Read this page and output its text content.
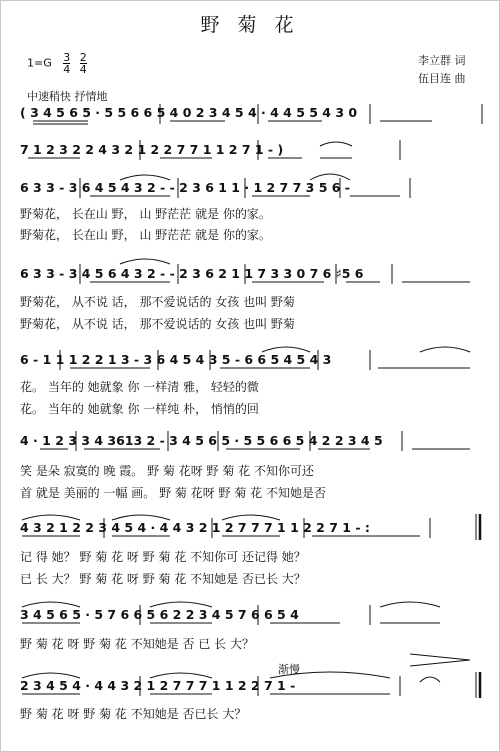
野 菊 花
$1=G \frac{3}{4}$
$\frac{2}{4}$	李立群 词
伍目连 曲
中速稍快 抒情地
( 3 4 5 6 5 · 5 5 6 6 5 4 0 2 3 4 5 4 · 4 4 5 5 4 3 0
7 1 2 3 2 2 4 3 2 1 2 2 7 7 1 1 2 7 1 - )
6 3 3 - 3 6 4 5 4 3 2 - - 2 3 6 1 1 · 1 2 7 7 3 5 6 -
野菊花， 长在山 野， 山 野茫茫 就是 你的家。
野菊花， 长在山 野， 山 野茫茫 就是 你的家。
6 3 3 - 3 4 5 6 4 3 2 - - 2 3 6 2 1 1 7 3 3 0 7 6 ♯5 6
野菊花， 从不说 话， 那不爱说话的 女孩 也叫 野菊
野菊花， 从不说 话， 那不爱说话的 女孩 也叫 野菊
6 - 1 1 1 2 2 1 3 - 3 6 4 5 4 3 5 - 6 6 5 4 5 4 3
花。 当年的 她就象 你 一样清 雅， 轻轻的微
花。 当年的 她就象 你 一样纯 朴， 悄悄的回
4 · 1 2 3 3 4 3613 2 - 3 4 5 6 5 · 5 5 6 6 5 4 2 2 3 4 5
笑 是朵 寂寞的 晚 霞。 野 菊 花呀 野 菊 花 不知你可还
首 就是 美丽的 一幅 画。 野 菊 花呀 野 菊 花 不知她是否
4 3 2 1 2 2 3 4 5 4 · 4 4 3 2 1 2 7 7 7 1 1 2 2 7 1 - :
记 得 她？ 野 菊 花 呀 野 菊 花 不知你可 还记得 她？
已 长 大？ 野 菊 花 呀 野 菊 花 不知她是 否已长 大？
3 4 5 6 5 · 5 7 6 6 5 6 2 2 3 4 5 7 6 6 5 4
野 菊 花 呀 野 菊 花 不知她是 否 已 长 大？
渐慢
2 3 4 5 4 · 4 4 3 2 1 2 7 7 7 1 1 2 2 7 1 -
野 菊 花 呀 野 菊 花 不知她是 否已长 大？
